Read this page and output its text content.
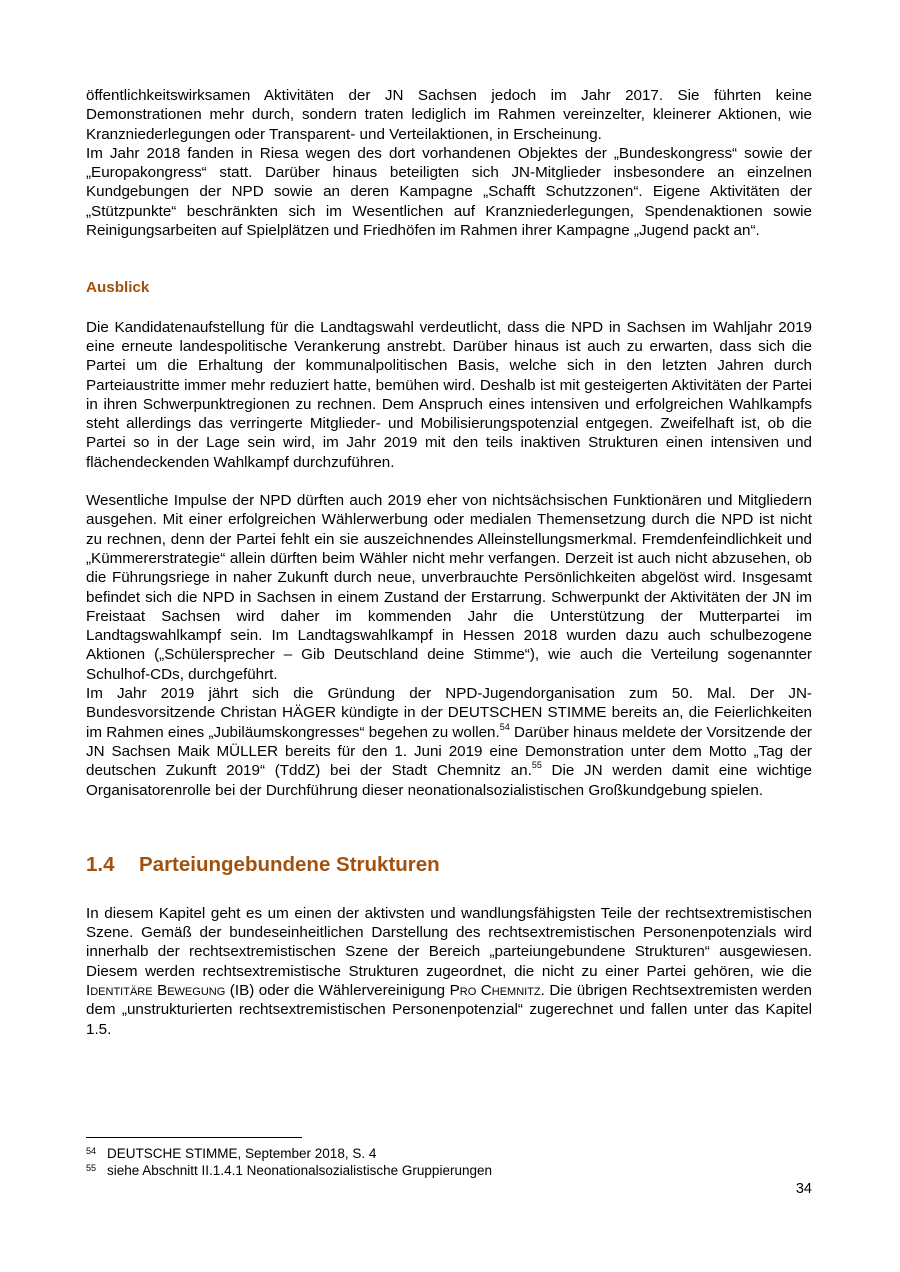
öffentlichkeitswirksamen Aktivitäten der JN Sachsen jedoch im Jahr 2017. Sie führten keine Demonstrationen mehr durch, sondern traten lediglich im Rahmen vereinzelter, kleinerer Aktionen, wie Kranzniederlegungen oder Transparent- und Verteilaktionen, in Erscheinung.

Im Jahr 2018 fanden in Riesa wegen des dort vorhandenen Objektes der „Bundeskongress“ sowie der „Europakongress“ statt. Darüber hinaus beteiligten sich JN-Mitglieder insbesondere an einzelnen Kundgebungen der NPD sowie an deren Kampagne „Schafft Schutzzonen“. Eigene Aktivitäten der „Stützpunkte“ beschränkten sich im Wesentlichen auf Kranzniederlegungen, Spendenaktionen sowie Reinigungsarbeiten auf Spielplätzen und Friedhöfen im Rahmen ihrer Kampagne „Jugend packt an“.

Ausblick

Die Kandidatenaufstellung für die Landtagswahl verdeutlicht, dass die NPD in Sachsen im Wahljahr 2019 eine erneute landespolitische Verankerung anstrebt. Darüber hinaus ist auch zu erwarten, dass sich die Partei um die Erhaltung der kommunalpolitischen Basis, welche sich in den letzten Jahren durch Parteiaustritte immer mehr reduziert hatte, bemühen wird. Deshalb ist mit gesteigerten Aktivitäten der Partei in ihren Schwerpunktregionen zu rechnen. Dem Anspruch eines intensiven und erfolgreichen Wahlkampfs steht allerdings das verringerte Mitglieder- und Mobilisierungspotenzial entgegen. Zweifelhaft ist, ob die Partei so in der Lage sein wird, im Jahr 2019 mit den teils inaktiven Strukturen einen intensiven und flächendeckenden Wahlkampf durchzuführen.

Wesentliche Impulse der NPD dürften auch 2019 eher von nichtsächsischen Funktionären und Mitgliedern ausgehen. Mit einer erfolgreichen Wählerwerbung oder medialen Themensetzung durch die NPD ist nicht zu rechnen, denn der Partei fehlt ein sie auszeichnendes Alleinstellungsmerkmal. Fremdenfeindlichkeit und „Kümmererstrategie“ allein dürften beim Wähler nicht mehr verfangen. Derzeit ist auch nicht abzusehen, ob die Führungsriege in naher Zukunft durch neue, unverbrauchte Persönlichkeiten abgelöst wird. Insgesamt befindet sich die NPD in Sachsen in einem Zustand der Erstarrung. Schwerpunkt der Aktivitäten der JN im Freistaat Sachsen wird daher im kommenden Jahr die Unterstützung der Mutterpartei im Landtagswahlkampf sein. Im Landtagswahlkampf in Hessen 2018 wurden dazu auch schulbezogene Aktionen („Schülersprecher – Gib Deutschland deine Stimme“), wie auch die Verteilung sogenannter Schulhof-CDs, durchgeführt.

Im Jahr 2019 jährt sich die Gründung der NPD-Jugendorganisation zum 50. Mal. Der JN-Bundesvorsitzende Christan HÄGER kündigte in der DEUTSCHEN STIMME bereits an, die Feierlichkeiten im Rahmen eines „Jubiläumskongresses“ begehen zu wollen.$^{54}$ Darüber hinaus meldete der Vorsitzende der JN Sachsen Maik MÜLLER bereits für den 1. Juni 2019 eine Demonstration unter dem Motto „Tag der deutschen Zukunft 2019“ (TddZ) bei der Stadt Chemnitz an.$^{55}$ Die JN werden damit eine wichtige Organisatorenrolle bei der Durchführung dieser neonationalsozialistischen Großkundgebung spielen.

1.4 Parteiungebundene Strukturen

In diesem Kapitel geht es um einen der aktivsten und wandlungsfähigsten Teile der rechtsextremistischen Szene. Gemäß der bundeseinheitlichen Darstellung des rechtsextremistischen Personenpotenzials wird innerhalb der rechtsextremistischen Szene der Bereich „parteiungebundene Strukturen“ ausgewiesen. Diesem werden rechtsextremistische Strukturen zugeordnet, die nicht zu einer Partei gehören, wie die Identitäre Bewegung (IB) oder die Wählervereinigung Pro Chemnitz. Die übrigen Rechtsextremisten werden dem „unstrukturierten rechtsextremistischen Personenpotenzial“ zugerechnet und fallen unter das Kapitel 1.5.

54 DEUTSCHE STIMME, September 2018, S. 4
55 siehe Abschnitt II.1.4.1 Neonationalsozialistische Gruppierungen
34
